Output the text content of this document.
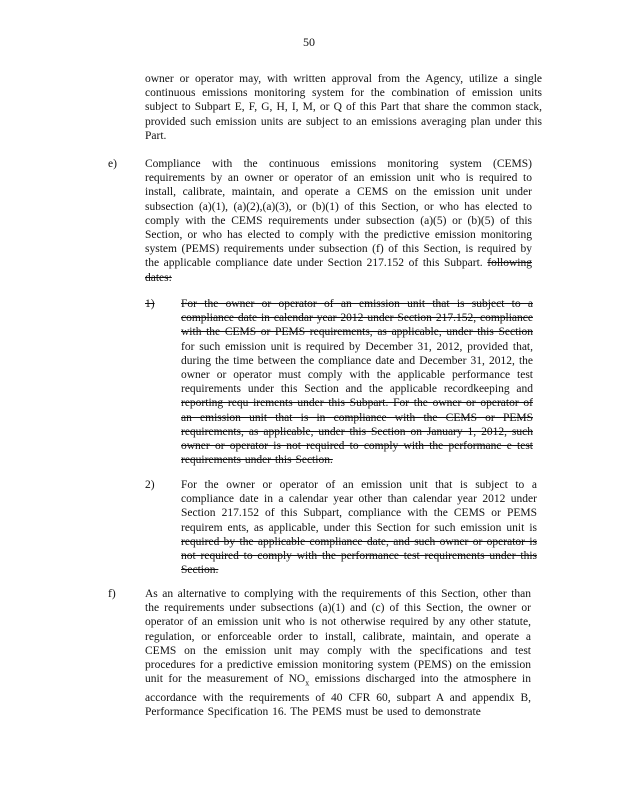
50
owner or operator may, with written approval from the Agency, utilize a single continuous emissions monitoring system for the combination of emission units subject to Subpart E, F, G, H, I, M, or Q of this Part that share the common stack, provided such emission units are subject to an emissions averaging plan under this Part.
e) Compliance with the continuous emissions monitoring system (CEMS) requirements by an owner or operator of an emission unit who is required to install, calibrate, maintain, and operate a CEMS on the emission unit under subsection (a)(1), (a)(2),(a)(3), or (b)(1) of this Section, or who has elected to comply with the CEMS requirements under subsection (a)(5) or (b)(5) of this Section, or who has elected to comply with the predictive emission monitoring system (PEMS) requirements under subsection (f) of this Section, is required by the applicable compliance date under Section 217.152 of this Subpart. following dates:
1) For the owner or operator of an emission unit that is subject to a compliance date in calendar year 2012 under Section 217.152, compliance with the CEMS or PEMS requirements, as applicable, under this Section for such emission unit is required by December 31, 2012, provided that, during the time between the compliance date and December 31, 2012, the owner or operator must comply with the applicable performance test requirements under this Section and the applicable recordkeeping and reporting requ irements under this Subpart. For the owner or operator of an emission unit that is in compliance with the CEMS or PEMS requirements, as applicable, under this Section on January 1, 2012, such owner or operator is not required to comply with the performanc e test requirements under this Section.
2) For the owner or operator of an emission unit that is subject to a compliance date in a calendar year other than calendar year 2012 under Section 217.152 of this Subpart, compliance with the CEMS or PEMS requirem ents, as applicable, under this Section for such emission unit is required by the applicable compliance date, and such owner or operator is not required to comply with the performance test requirements under this Section.
f)	As an alternative to complying with the requirements of this Section, other than the requirements under subsections (a)(1) and (c) of this Section, the owner or operator of an emission unit who is not otherwise required by any other statute, regulation, or enforceable order to install, calibrate, maintain, and operate a CEMS on the emission unit may comply with the specifications and test procedures for a predictive emission monitoring system (PEMS) on the emission unit for the measurement of $NO_x$ emissions discharged into the atmosphere in accordance with the requirements of 40 CFR 60, subpart A and appendix B, Performance Specification 16. The PEMS must be used to demonstrate
